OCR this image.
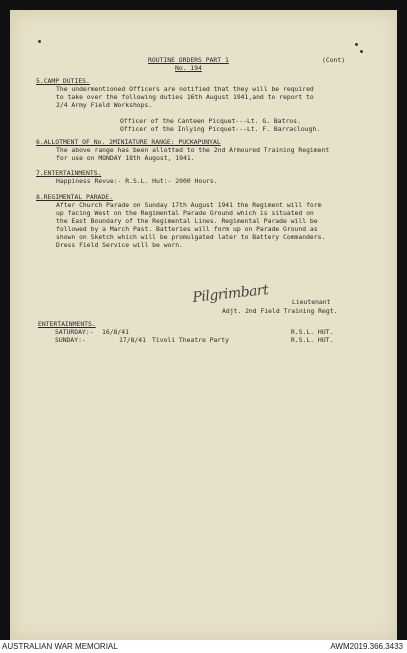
ROUTINE ORDERS PART 1	(Cont)
No. 194
5.CAMP DUTIES.
The undermentioned Officers are notified that they will be required
to take over the following duties 16th August 1941,and to report to
2/4 Army Field Workshops.
Officer of the Canteen Picquet---Lt. G. Batros.
Officer of the Inlying Picquet---Lt. F. Barraclough.
6.ALLOTMENT OF No. 2MINIATURE RANGE: PUCKAPUNYAL
The above range has been allotted to the 2nd Armoured Training Regiment
for use on MONDAY 18th August, 1941.
7.ENTERTAINMENTS.
Happiness Revue:- R.S.L. Hut:- 2000 Hours.
8.REGIMENTAL PARADE.
After Church Parade on Sunday 17th August 1941 the Regiment will form
up facing West on the Regimental Parade Ground which is situated on
the East Boundary of the Regimental Lines. Regimental Parade will be
followed by a March Past. Batteries will form up on Parade Ground as
shown on Sketch which will be promulgated later to Battery Commanders.
Dress Field Service will be worn.
Pilgrimbart	Lieutenant
Adjt. 2nd Field Training Regt.
ENTERTAINMENTS.
SATURDAY:- 16/8/41	R.S.L. HUT.
SUNDAY:-	17/8/41 Tivoli Theatre Party	R.S.L. HUT.
AUSTRALIAN WAR MEMORIAL	AWM2019.366.3433
